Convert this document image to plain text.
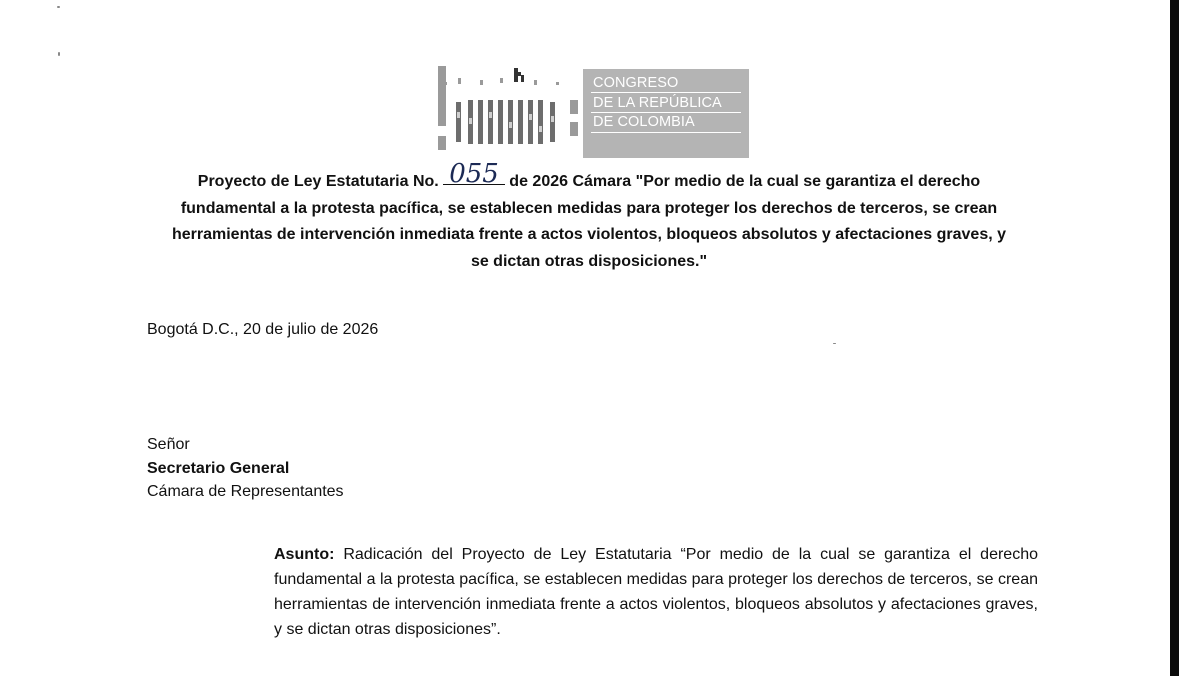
CONGRESO
DE LA REPÚBLICA
DE COLOMBIA
Proyecto de Ley Estatutaria No. 055 de 2026 Cámara "Por medio de la cual se garantiza el derecho
fundamental a la protesta pacífica, se establecen medidas para proteger los derechos de terceros, se crean
herramientas de intervención inmediata frente a actos violentos, bloqueos absolutos y afectaciones graves, y
se dictan otras disposiciones."
Bogotá D.C., 20 de julio de 2026
Señor
Secretario General
Cámara de Representantes
Asunto: Radicación del Proyecto de Ley Estatutaria “Por medio de la cual se garantiza el derecho fundamental a la protesta pacífica, se establecen medidas para proteger los derechos de terceros, se crean herramientas de intervención inmediata frente a actos violentos, bloqueos absolutos y afectaciones graves, y se dictan otras disposiciones”.
